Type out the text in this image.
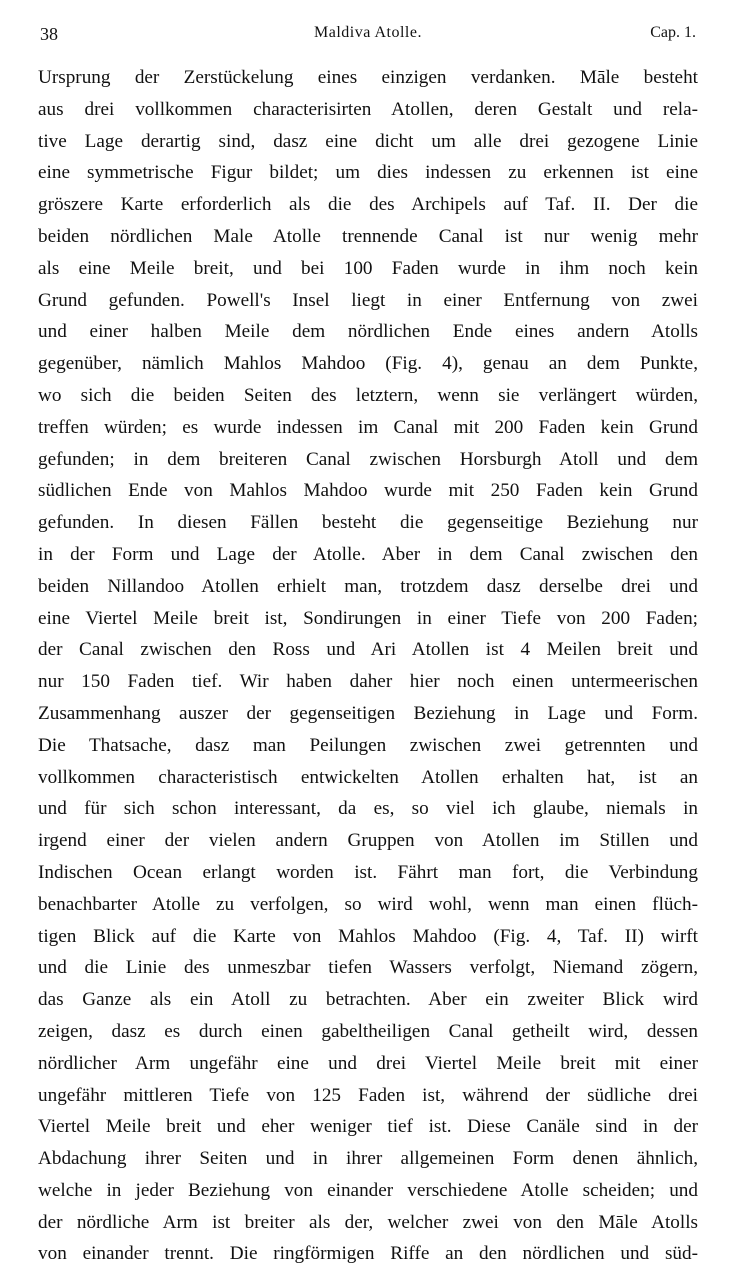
38	Maldiva Atolle.	Cap. 1.
Ursprung der Zerstückelung eines einzigen verdanken. Māle besteht
aus drei vollkommen characterisirten Atollen, deren Gestalt und rela-
tive Lage derartig sind, dasz eine dicht um alle drei gezogene Linie
eine symmetrische Figur bildet; um dies indessen zu erkennen ist eine
gröszere Karte erforderlich als die des Archipels auf Taf. II. Der die
beiden nördlichen Male Atolle trennende Canal ist nur wenig mehr
als eine Meile breit, und bei 100 Faden wurde in ihm noch kein
Grund gefunden. Powell's Insel liegt in einer Entfernung von zwei
und einer halben Meile dem nördlichen Ende eines andern Atolls
gegenüber, nämlich Mahlos Mahdoo (Fig. 4), genau an dem Punkte,
wo sich die beiden Seiten des letztern, wenn sie verlängert würden,
treffen würden; es wurde indessen im Canal mit 200 Faden kein Grund
gefunden; in dem breiteren Canal zwischen Horsburgh Atoll und dem
südlichen Ende von Mahlos Mahdoo wurde mit 250 Faden kein Grund
gefunden. In diesen Fällen besteht die gegenseitige Beziehung nur
in der Form und Lage der Atolle. Aber in dem Canal zwischen den
beiden Nillandoo Atollen erhielt man, trotzdem dasz derselbe drei und
eine Viertel Meile breit ist, Sondirungen in einer Tiefe von 200 Faden;
der Canal zwischen den Ross und Ari Atollen ist 4 Meilen breit und
nur 150 Faden tief. Wir haben daher hier noch einen untermeerischen
Zusammenhang auszer der gegenseitigen Beziehung in Lage und Form.
Die Thatsache, dasz man Peilungen zwischen zwei getrennten und
vollkommen characteristisch entwickelten Atollen erhalten hat, ist an
und für sich schon interessant, da es, so viel ich glaube, niemals in
irgend einer der vielen andern Gruppen von Atollen im Stillen und
Indischen Ocean erlangt worden ist. Fährt man fort, die Verbindung
benachbarter Atolle zu verfolgen, so wird wohl, wenn man einen flüch-
tigen Blick auf die Karte von Mahlos Mahdoo (Fig. 4, Taf. II) wirft
und die Linie des unmeszbar tiefen Wassers verfolgt, Niemand zögern,
das Ganze als ein Atoll zu betrachten. Aber ein zweiter Blick wird
zeigen, dasz es durch einen gabeltheiligen Canal getheilt wird, dessen
nördlicher Arm ungefähr eine und drei Viertel Meile breit mit einer
ungefähr mittleren Tiefe von 125 Faden ist, während der südliche drei
Viertel Meile breit und eher weniger tief ist. Diese Canäle sind in der
Abdachung ihrer Seiten und in ihrer allgemeinen Form denen ähnlich,
welche in jeder Beziehung von einander verschiedene Atolle scheiden; und
der nördliche Arm ist breiter als der, welcher zwei von den Māle Atolls
von einander trennt. Die ringförmigen Riffe an den nördlichen und süd-
